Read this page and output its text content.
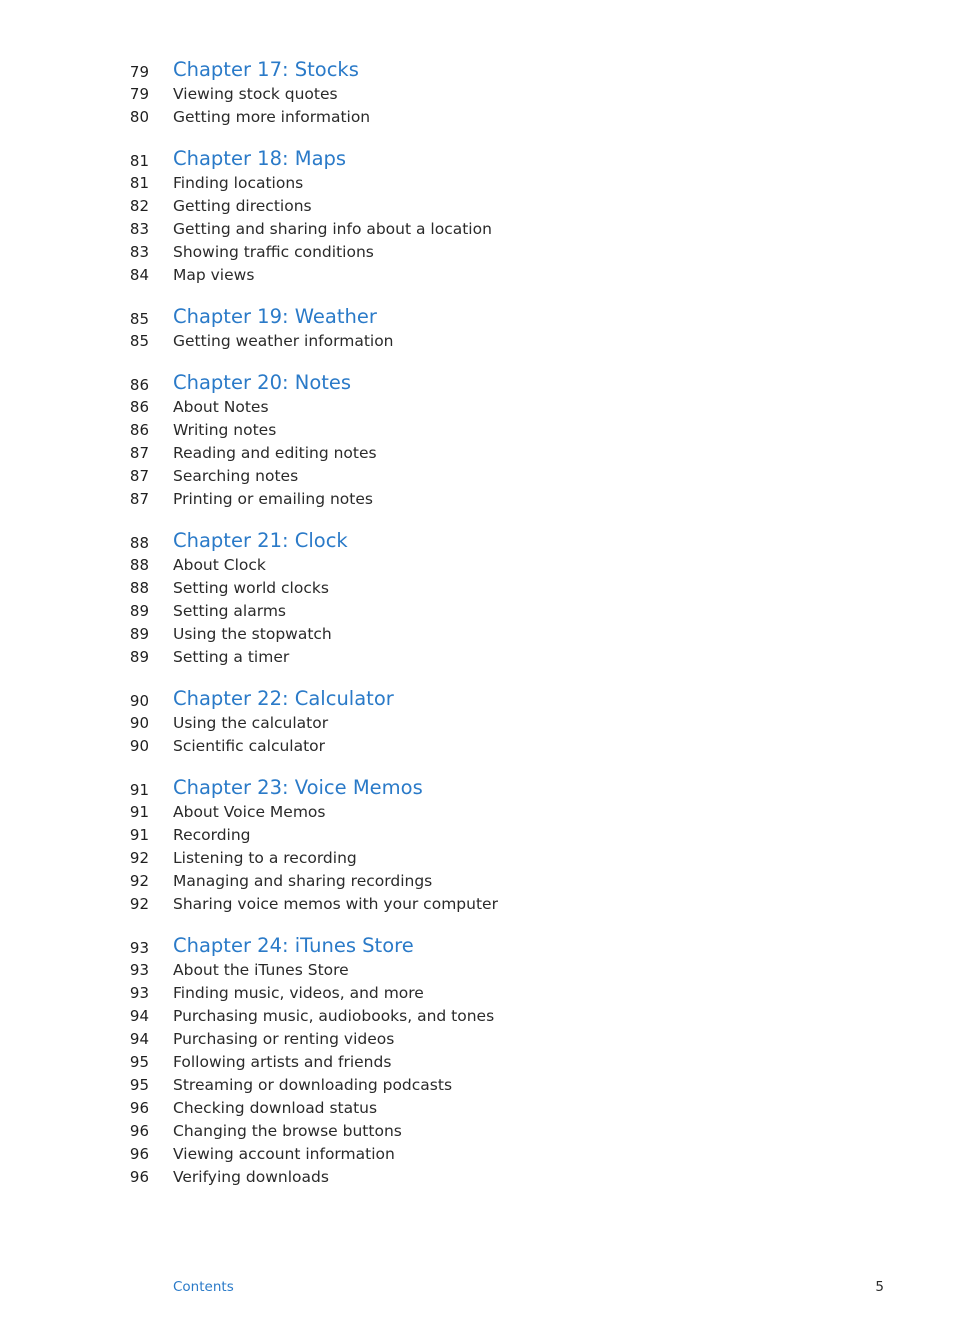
79 Chapter 17: Stocks
79 Viewing stock quotes
80 Getting more information
81 Chapter 18: Maps
81 Finding locations
82 Getting directions
83 Getting and sharing info about a location
83 Showing traffic conditions
84 Map views
85 Chapter 19: Weather
85 Getting weather information
86 Chapter 20: Notes
86 About Notes
86 Writing notes
87 Reading and editing notes
87 Searching notes
87 Printing or emailing notes
88 Chapter 21: Clock
88 About Clock
88 Setting world clocks
89 Setting alarms
89 Using the stopwatch
89 Setting a timer
90 Chapter 22: Calculator
90 Using the calculator
90 Scientific calculator
91 Chapter 23: Voice Memos
91 About Voice Memos
91 Recording
92 Listening to a recording
92 Managing and sharing recordings
92 Sharing voice memos with your computer
93 Chapter 24: iTunes Store
93 About the iTunes Store
93 Finding music, videos, and more
94 Purchasing music, audiobooks, and tones
94 Purchasing or renting videos
95 Following artists and friends
95 Streaming or downloading podcasts
96 Checking download status
96 Changing the browse buttons
96 Viewing account information
96 Verifying downloads
Contents	5
